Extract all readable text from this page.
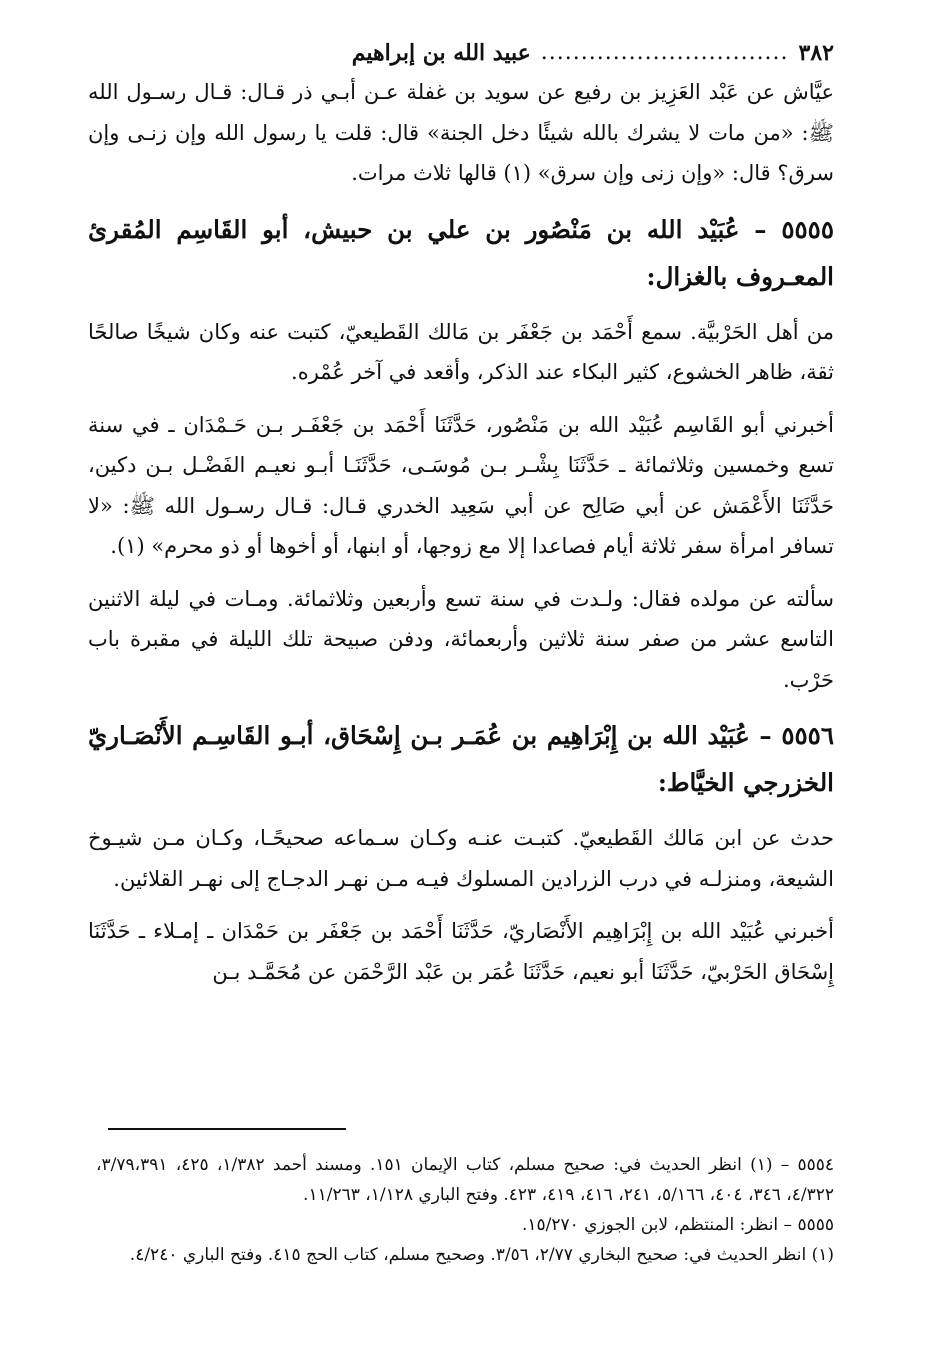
٣٨٢
...............................
عبيد الله بن إبراهيم

عيَّاش عن عَبْد العَزِيز بن رفيع عن سويد بن غفلة عـن أبـي ذر قـال: قـال رسـول الله ﷺ: «من مات لا يشرك بالله شيئًا دخل الجنة» قال: قلت يا رسول الله وإن زنـى وإن سرق؟ قال: «وإن زنى وإن سرق» (١) قالها ثلاث مرات.

٥٥٥٥ – عُبَيْد الله بن مَنْصُور بن علي بن حبيش، أبو القَاسِم المُقرئ المعـروف بالغزال:

من أهل الحَرْبيَّة. سمع أَحْمَد بن جَعْفَر بن مَالك القَطيعيّ، كتبت عنه وكان شيخًا صالحًا ثقة، ظاهر الخشوع، كثير البكاء عند الذكر، وأقعد في آخر عُمْره.

أخبرني أبو القَاسِم عُبَيْد الله بن مَنْصُور، حَدَّثَنَا أَحْمَد بن جَعْفَـر بـن حَـمْدَان ـ في سنة تسع وخمسين وثلاثمائة ـ حَدَّثَنَا بِشْـر بـن مُوسَـى، حَدَّثَنَـا أبـو نعيـم الفَضْـل بـن دكين، حَدَّثَنَا الأَعْمَش عن أبي صَالِح عن أبي سَعِيد الخدري قـال: قـال رسـول الله ﷺ: «لا تسافر امرأة سفر ثلاثة أيام فصاعدا إلا مع زوجها، أو ابنها، أو أخوها أو ذو محرم» (١).

سألته عن مولده فقال: ولـدت في سنة تسع وأربعين وثلاثمائة. ومـات في ليلة الاثنين التاسع عشر من صفر سنة ثلاثين وأربعمائة، ودفن صبيحة تلك الليلة في مقبرة باب حَرْب.

٥٥٥٦ – عُبَيْد الله بن إِبْرَاهِيم بن عُمَـر بـن إِسْحَاق، أبـو القَاسِـم الأَنْصَـاريّ الخزرجي الخيَّاط:

حدث عن ابن مَالك القَطيعيّ. كتبـت عنـه وكـان سـماعه صحيحًـا، وكـان مـن شيـوخ الشيعة، ومنزلـه في درب الزرادين المسلوك فيـه مـن نهـر الدجـاج إلى نهـر القلائين.

أخبرني عُبَيْد الله بن إِبْرَاهِيم الأَنْصَاريّ، حَدَّثَنَا أَحْمَد بن جَعْفَر بن حَمْدَان ـ إمـلاء ـ حَدَّثَنَا إِسْحَاق الحَرْبيّ، حَدَّثَنَا أبو نعيم، حَدَّثَنَا عُمَر بن عَبْد الرَّحْمَن عن مُحَمَّـد بـن

٥٥٥٤ – (١) انظر الحديث في: صحيح مسلم، كتاب الإيمان ١٥١. ومسند أحمد ١/٣٨٢، ٤٢٥، ٣/٧٩،٣٩١، ٤/٣٢٢، ٣٤٦، ٤٠٤، ٥/١٦٦، ٢٤١، ٤١٦، ٤١٩، ٤٢٣. وفتح الباري ١/١٢٨، ١١/٢٦٣.

٥٥٥٥ – انظر: المنتظم، لابن الجوزي ١٥/٢٧٠.

(١) انظر الحديث في: صحيح البخاري ٢/٧٧، ٣/٥٦. وصحيح مسلم، كتاب الحج ٤١٥. وفتح الباري ٤/٢٤٠.
